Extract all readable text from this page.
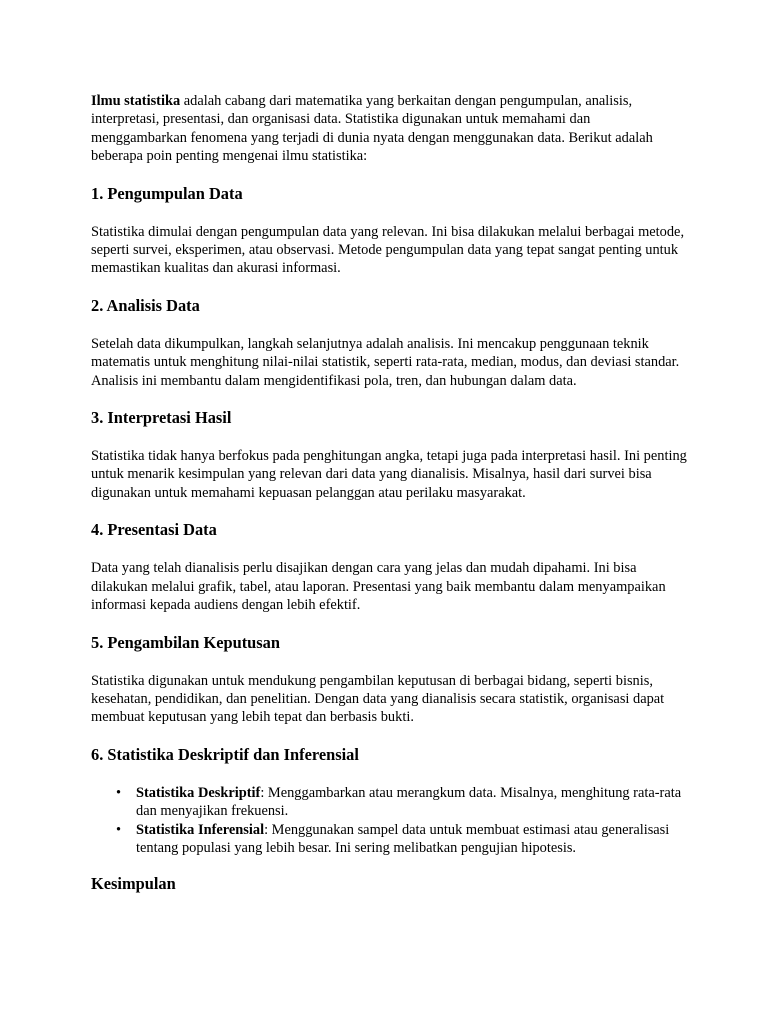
Ilmu statistika adalah cabang dari matematika yang berkaitan dengan pengumpulan, analisis, interpretasi, presentasi, dan organisasi data. Statistika digunakan untuk memahami dan menggambarkan fenomena yang terjadi di dunia nyata dengan menggunakan data. Berikut adalah beberapa poin penting mengenai ilmu statistika:

1. Pengumpulan Data

Statistika dimulai dengan pengumpulan data yang relevan. Ini bisa dilakukan melalui berbagai metode, seperti survei, eksperimen, atau observasi. Metode pengumpulan data yang tepat sangat penting untuk memastikan kualitas dan akurasi informasi.

2. Analisis Data

Setelah data dikumpulkan, langkah selanjutnya adalah analisis. Ini mencakup penggunaan teknik matematis untuk menghitung nilai-nilai statistik, seperti rata-rata, median, modus, dan deviasi standar. Analisis ini membantu dalam mengidentifikasi pola, tren, dan hubungan dalam data.

3. Interpretasi Hasil

Statistika tidak hanya berfokus pada penghitungan angka, tetapi juga pada interpretasi hasil. Ini penting untuk menarik kesimpulan yang relevan dari data yang dianalisis. Misalnya, hasil dari survei bisa digunakan untuk memahami kepuasan pelanggan atau perilaku masyarakat.

4. Presentasi Data

Data yang telah dianalisis perlu disajikan dengan cara yang jelas dan mudah dipahami. Ini bisa dilakukan melalui grafik, tabel, atau laporan. Presentasi yang baik membantu dalam menyampaikan informasi kepada audiens dengan lebih efektif.

5. Pengambilan Keputusan

Statistika digunakan untuk mendukung pengambilan keputusan di berbagai bidang, seperti bisnis, kesehatan, pendidikan, dan penelitian. Dengan data yang dianalisis secara statistik, organisasi dapat membuat keputusan yang lebih tepat dan berbasis bukti.

6. Statistika Deskriptif dan Inferensial
• Statistika Deskriptif: Menggambarkan atau merangkum data. Misalnya, menghitung rata-rata dan menyajikan frekuensi.
• Statistika Inferensial: Menggunakan sampel data untuk membuat estimasi atau generalisasi tentang populasi yang lebih besar. Ini sering melibatkan pengujian hipotesis.
Kesimpulan
